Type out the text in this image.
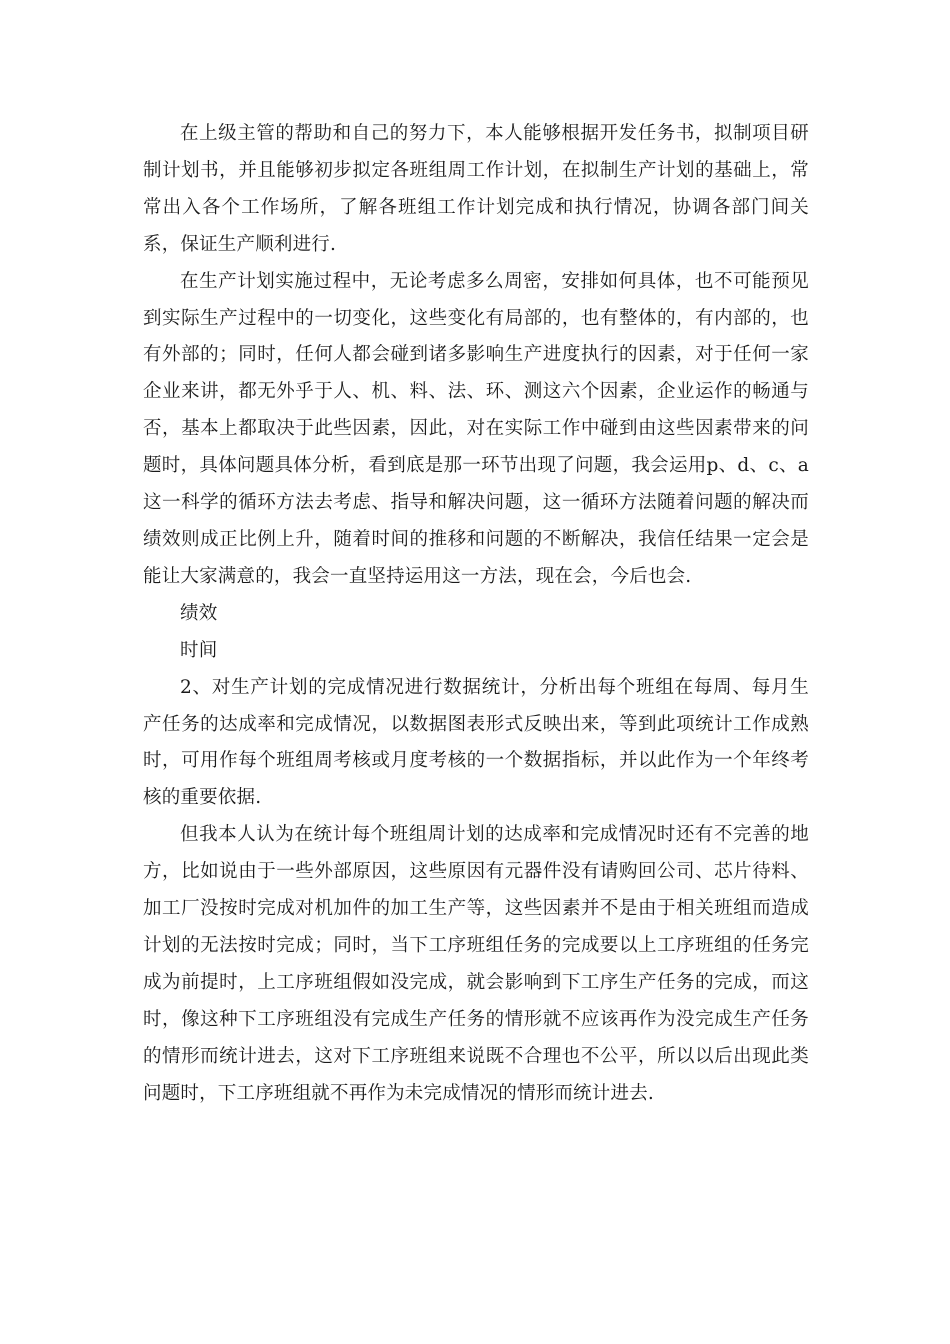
在上级主管的帮助和自己的努力下，本人能够根据开发任务书，拟制项目研制计划书，并且能够初步拟定各班组周工作计划，在拟制生产计划的基础上，常常出入各个工作场所，了解各班组工作计划完成和执行情况，协调各部门间关系，保证生产顺利进行.

在生产计划实施过程中，无论考虑多么周密，安排如何具体，也不可能预见到实际生产过程中的一切变化，这些变化有局部的，也有整体的，有内部的，也有外部的；同时，任何人都会碰到诸多影响生产进度执行的因素，对于任何一家企业来讲，都无外乎于人、机、料、法、环、测这六个因素，企业运作的畅通与否，基本上都取决于此些因素，因此，对在实际工作中碰到由这些因素带来的问题时，具体问题具体分析，看到底是那一环节出现了问题，我会运用p、d、c、a这一科学的循环方法去考虑、指导和解决问题，这一循环方法随着问题的解决而绩效则成正比例上升，随着时间的推移和问题的不断解决，我信任结果一定会是能让大家满意的，我会一直坚持运用这一方法，现在会，今后也会.

绩效

时间

2、对生产计划的完成情况进行数据统计，分析出每个班组在每周、每月生产任务的达成率和完成情况，以数据图表形式反映出来，等到此项统计工作成熟时，可用作每个班组周考核或月度考核的一个数据指标，并以此作为一个年终考核的重要依据.

但我本人认为在统计每个班组周计划的达成率和完成情况时还有不完善的地方，比如说由于一些外部原因，这些原因有元器件没有请购回公司、芯片待料、加工厂没按时完成对机加件的加工生产等，这些因素并不是由于相关班组而造成计划的无法按时完成；同时，当下工序班组任务的完成要以上工序班组的任务完成为前提时，上工序班组假如没完成，就会影响到下工序生产任务的完成，而这时，像这种下工序班组没有完成生产任务的情形就不应该再作为没完成生产任务的情形而统计进去，这对下工序班组来说既不合理也不公平，所以以后出现此类问题时，下工序班组就不再作为未完成情况的情形而统计进去.
